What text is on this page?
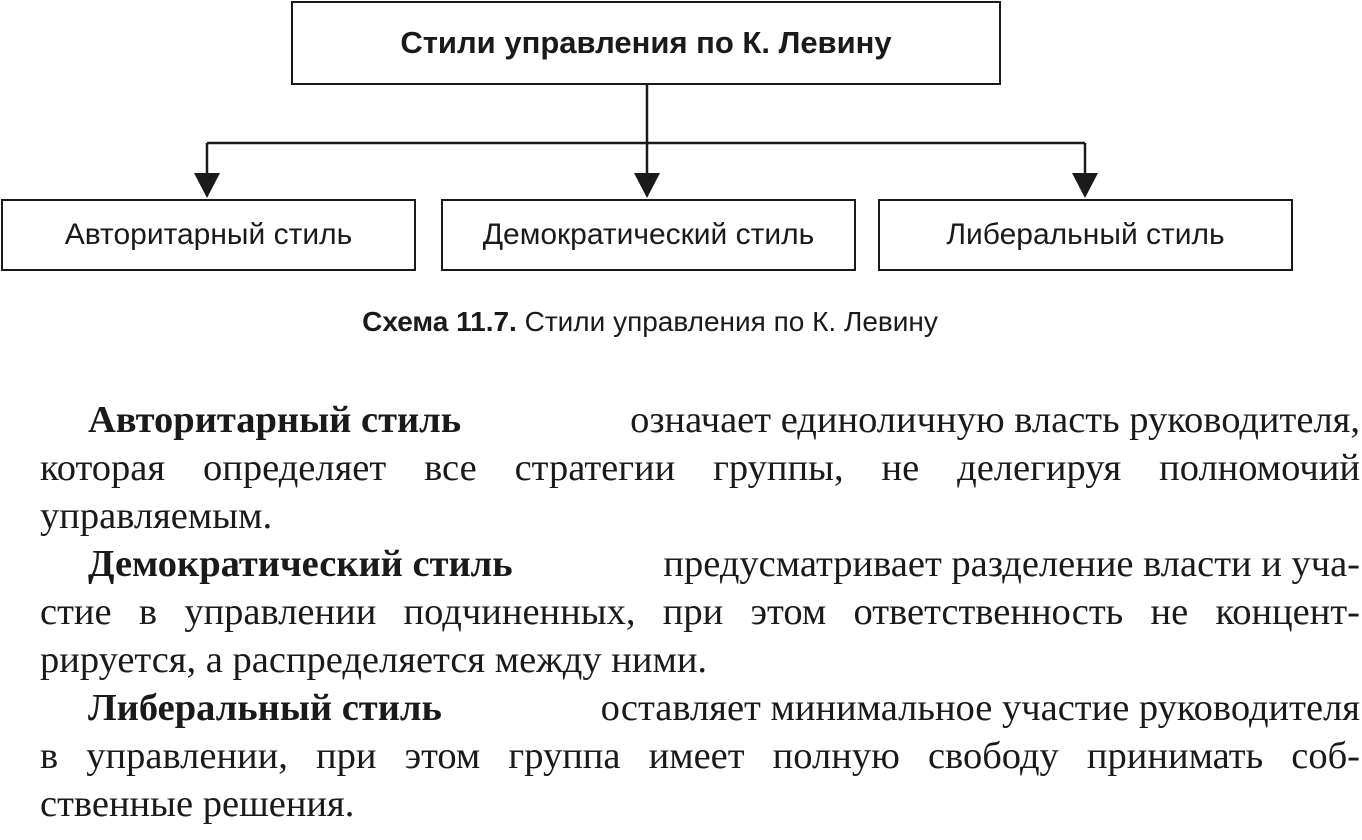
Стили управления по К. Левину
Авторитарный стиль	Демократический стиль	Либеральный стиль
Схема 11.7. Стили управления по К. Левину
Авторитарный стиль	означает единоличную власть руководителя,
которая определяет все стратегии группы, не делегируя полномочий
управляемым.
Демократический стиль	предусматривает разделение власти и уча-
стие в управлении подчиненных, при этом ответственность не концент-
рируется, а распределяется между ними.
Либеральный стиль	оставляет минимальное участие руководителя
в управлении, при этом группа имеет полную свободу принимать соб-
ственные решения.
